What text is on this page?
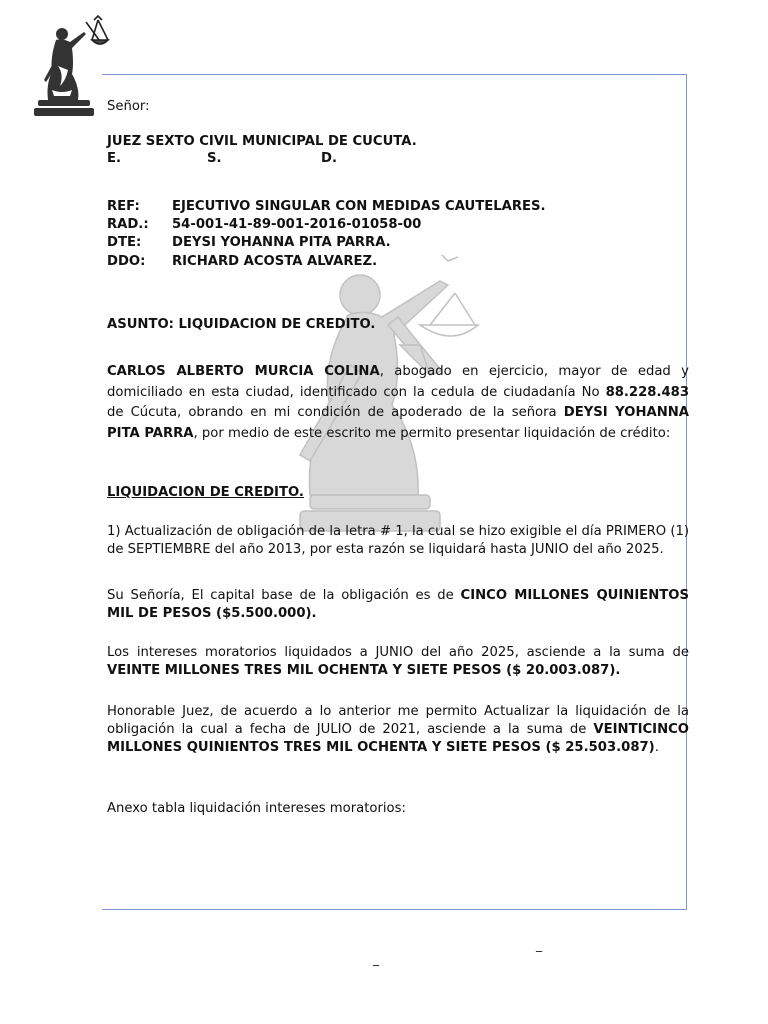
Señor:
JUEZ SEXTO CIVIL MUNICIPAL DE CUCUTA.
E.	S.	D.
REF:	EJECUTIVO SINGULAR CON MEDIDAS CAUTELARES.
RAD.:	54-001-41-89-001-2016-01058-00
DTE:	DEYSI YOHANNA PITA PARRA.
DDO:	RICHARD ACOSTA ALVAREZ.
ASUNTO: LIQUIDACION DE CREDITO.
CARLOS ALBERTO MURCIA COLINA, abogado en ejercicio, mayor de edad y domiciliado en esta ciudad, identificado con la cedula de ciudadanía No 88.228.483 de Cúcuta, obrando en mi condición de apoderado de la señora DEYSI YOHANNA PITA PARRA, por medio de este escrito me permito presentar liquidación de crédito:
LIQUIDACION DE CREDITO.
1) Actualización de obligación de la letra # 1, la cual se hizo exigible el día PRIMERO (1) de SEPTIEMBRE del año 2013, por esta razón se liquidará hasta JUNIO del año 2025.
Su Señoría, El capital base de la obligación es de CINCO MILLONES QUINIENTOS MIL DE PESOS ($5.500.000).
Los intereses moratorios liquidados a JUNIO del año 2025, asciende a la suma de VEINTE MILLONES TRES MIL OCHENTA Y SIETE PESOS ($ 20.003.087).
Honorable Juez, de acuerdo a lo anterior me permito Actualizar la liquidación de la obligación la cual a fecha de JULIO de 2021, asciende a la suma de VEINTICINCO MILLONES QUINIENTOS TRES MIL OCHENTA Y SIETE PESOS ($ 25.503.087).
Anexo tabla liquidación intereses moratorios:
_
_
